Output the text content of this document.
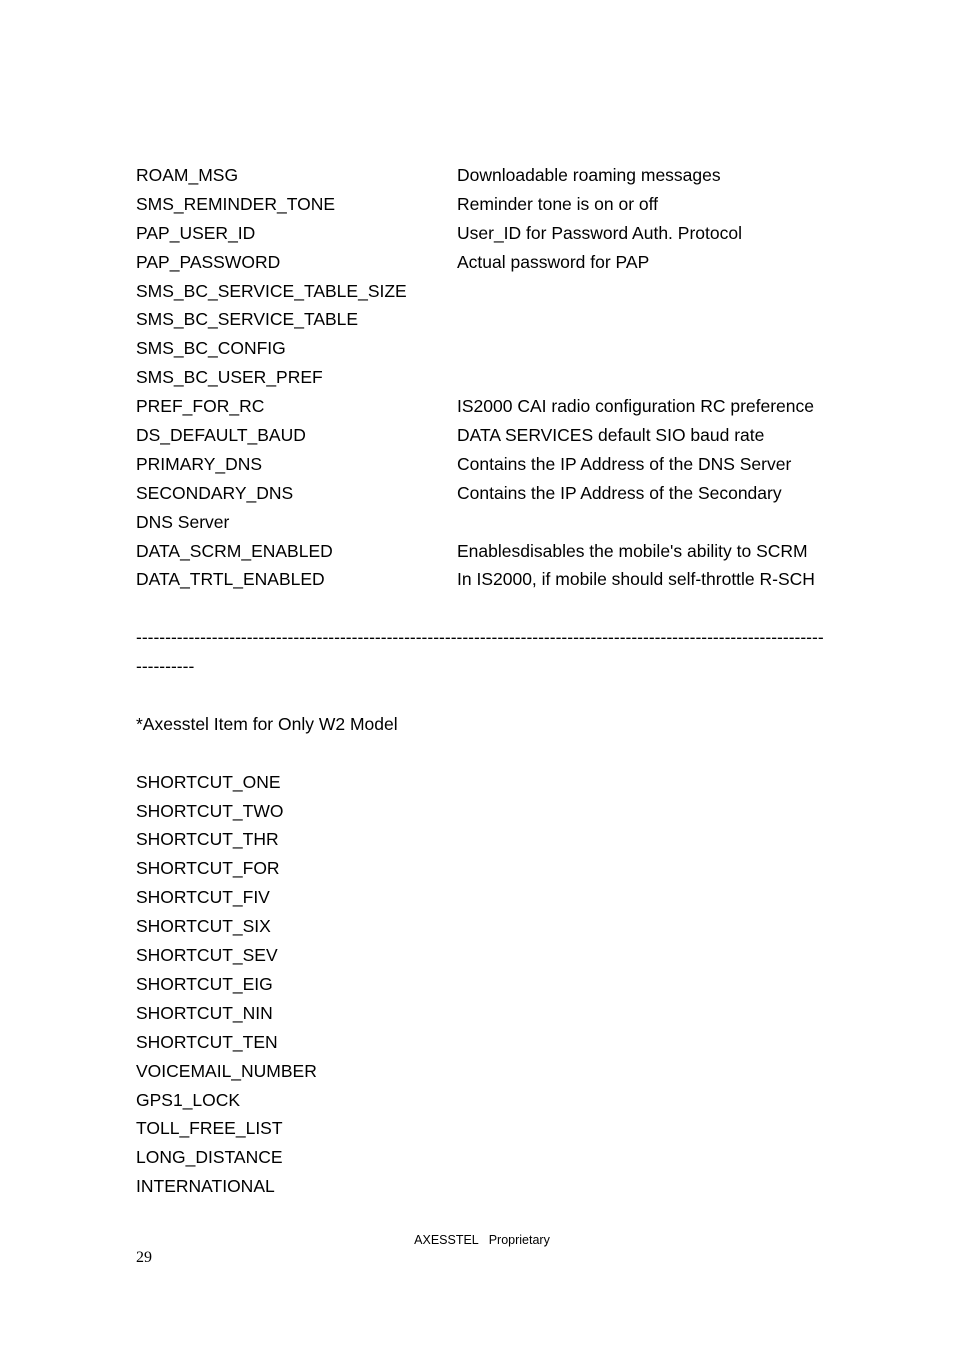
ROAM_MSG	Downloadable roaming messages
SMS_REMINDER_TONE	Reminder tone is on or off
PAP_USER_ID	User_ID for Password Auth. Protocol
PAP_PASSWORD	Actual password for PAP
SMS_BC_SERVICE_TABLE_SIZE
SMS_BC_SERVICE_TABLE
SMS_BC_CONFIG
SMS_BC_USER_PREF
PREF_FOR_RC	IS2000 CAI radio configuration RC preference
DS_DEFAULT_BAUD	DATA SERVICES default SIO baud rate
PRIMARY_DNS	Contains the IP Address of the DNS Server
SECONDARY_DNS	Contains the IP Address of the Secondary
DNS Server
DATA_SCRM_ENABLED	Enablesdisables the mobile's ability to SCRM
DATA_TRTL_ENABLED	In IS2000, if mobile should self-throttle R-SCH
----------------------------------------------------------------------------------------------------------------------
----------
*Axesstel Item for Only W2 Model
SHORTCUT_ONE
SHORTCUT_TWO
SHORTCUT_THR
SHORTCUT_FOR
SHORTCUT_FIV
SHORTCUT_SIX
SHORTCUT_SEV
SHORTCUT_EIG
SHORTCUT_NIN
SHORTCUT_TEN
VOICEMAIL_NUMBER
GPS1_LOCK
TOLL_FREE_LIST
LONG_DISTANCE
INTERNATIONAL
AXESSTEL   Proprietary
29
